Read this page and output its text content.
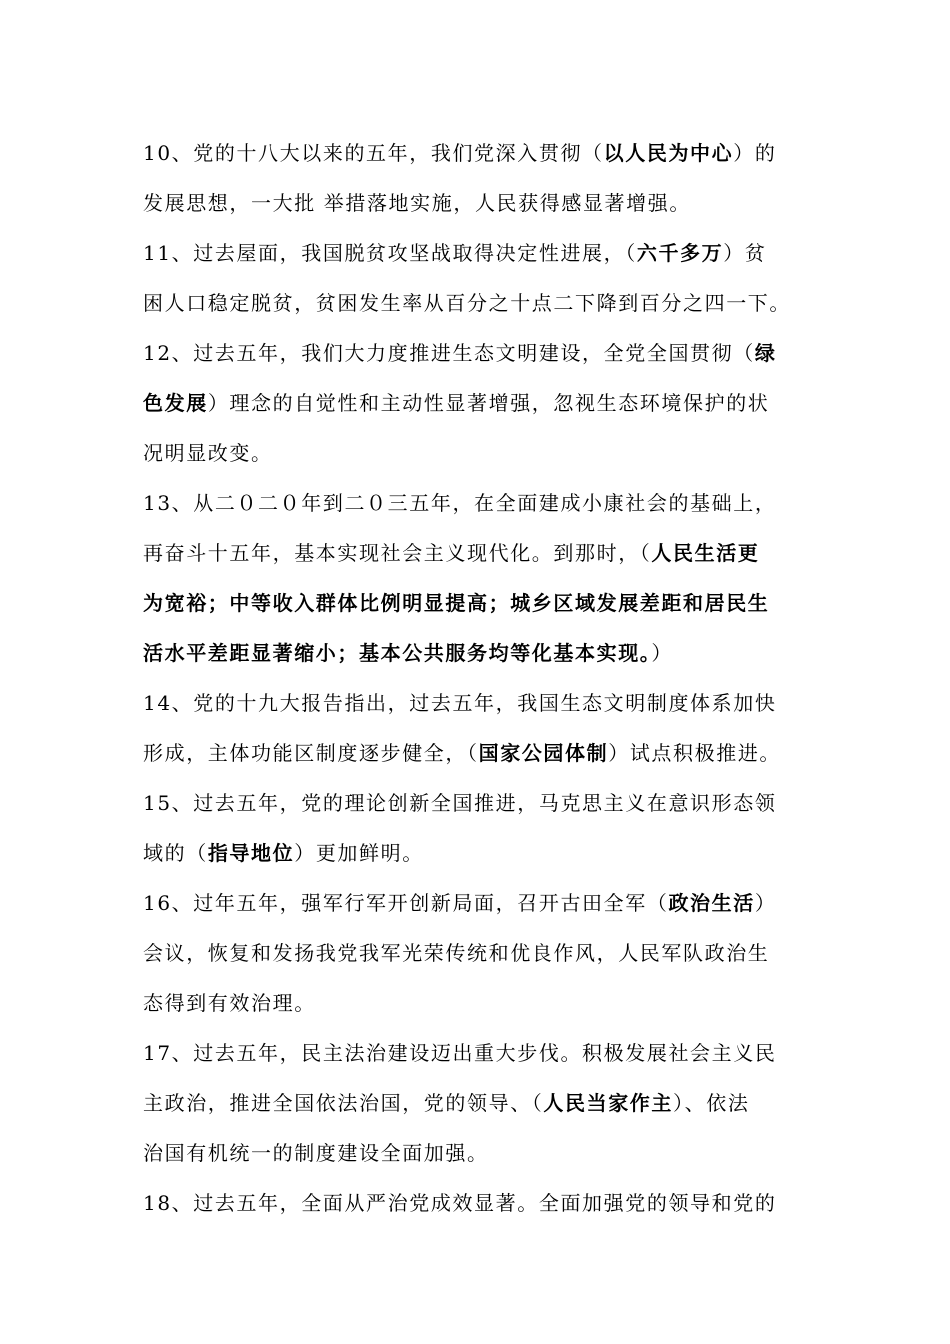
10、党的十八大以来的五年，我们党深入贯彻（以人民为中心）的
发展思想，一大批 举措落地实施，人民获得感显著增强。
11、过去屋面，我国脱贫攻坚战取得决定性进展，（六千多万）贫
困人口稳定脱贫，贫困发生率从百分之十点二下降到百分之四一下。
12、过去五年，我们大力度推进生态文明建设，全党全国贯彻（绿
色发展）理念的自觉性和主动性显著增强，忽视生态环境保护的状
况明显改变。
13、从二０二０年到二０三五年，在全面建成小康社会的基础上，
再奋斗十五年，基本实现社会主义现代化。到那时，（人民生活更
为宽裕；中等收入群体比例明显提高；城乡区域发展差距和居民生
活水平差距显著缩小；基本公共服务均等化基本实现。）
14、党的十九大报告指出，过去五年，我国生态文明制度体系加快
形成，主体功能区制度逐步健全，（国家公园体制）试点积极推进。
15、过去五年，党的理论创新全国推进，马克思主义在意识形态领
域的（指导地位）更加鲜明。
16、过年五年，强军行军开创新局面，召开古田全军（政治生活）
会议，恢复和发扬我党我军光荣传统和优良作风，人民军队政治生
态得到有效治理。
17、过去五年，民主法治建设迈出重大步伐。积极发展社会主义民
主政治，推进全国依法治国，党的领导、（人民当家作主）、依法
治国有机统一的制度建设全面加强。
18、过去五年，全面从严治党成效显著。全面加强党的领导和党的
